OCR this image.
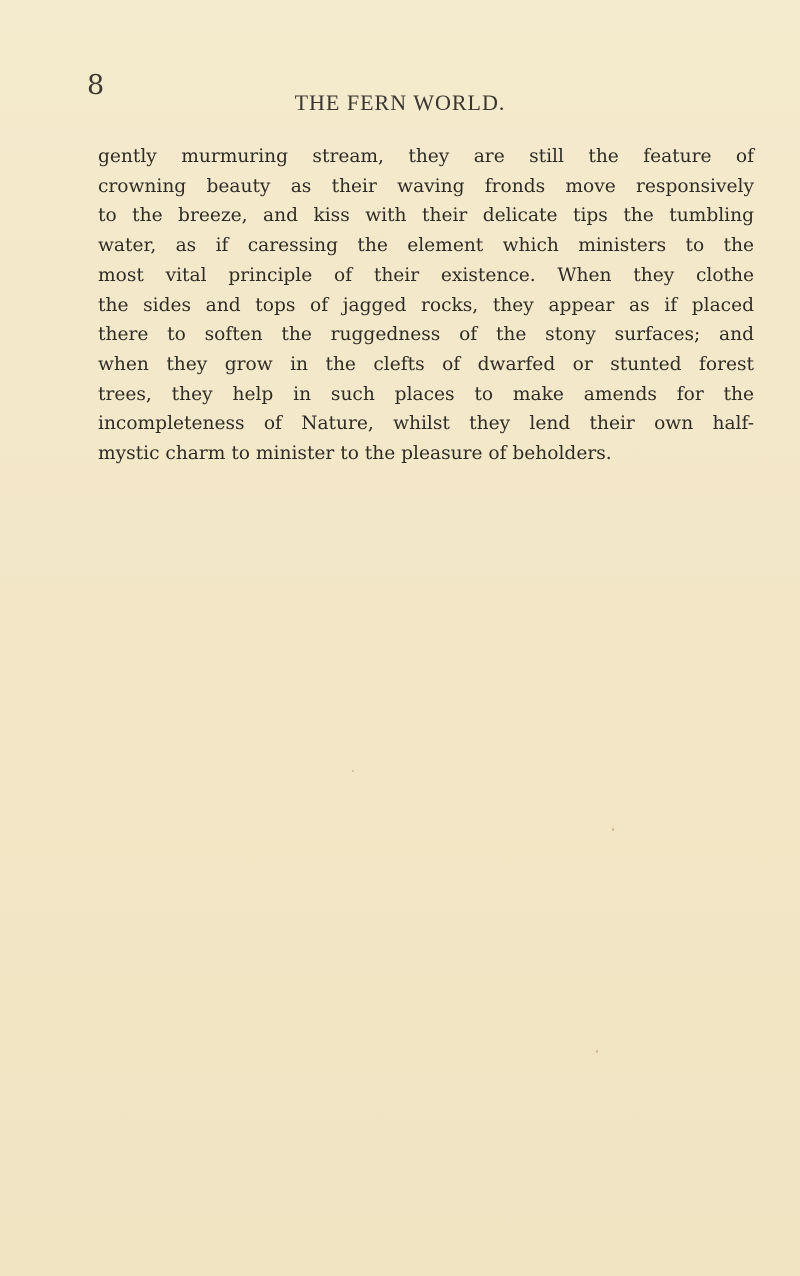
8
THE FERN WORLD.
gently murmuring stream, they are still the feature of
crowning beauty as their waving fronds move responsively
to the breeze, and kiss with their delicate tips the tumbling
water, as if caressing the element which ministers to the
most vital principle of their existence. When they clothe
the sides and tops of jagged rocks, they appear as if placed
there to soften the ruggedness of the stony surfaces; and
when they grow in the clefts of dwarfed or stunted forest
trees, they help in such places to make amends for the
incompleteness of Nature, whilst they lend their own half-
mystic charm to minister to the pleasure of beholders.
